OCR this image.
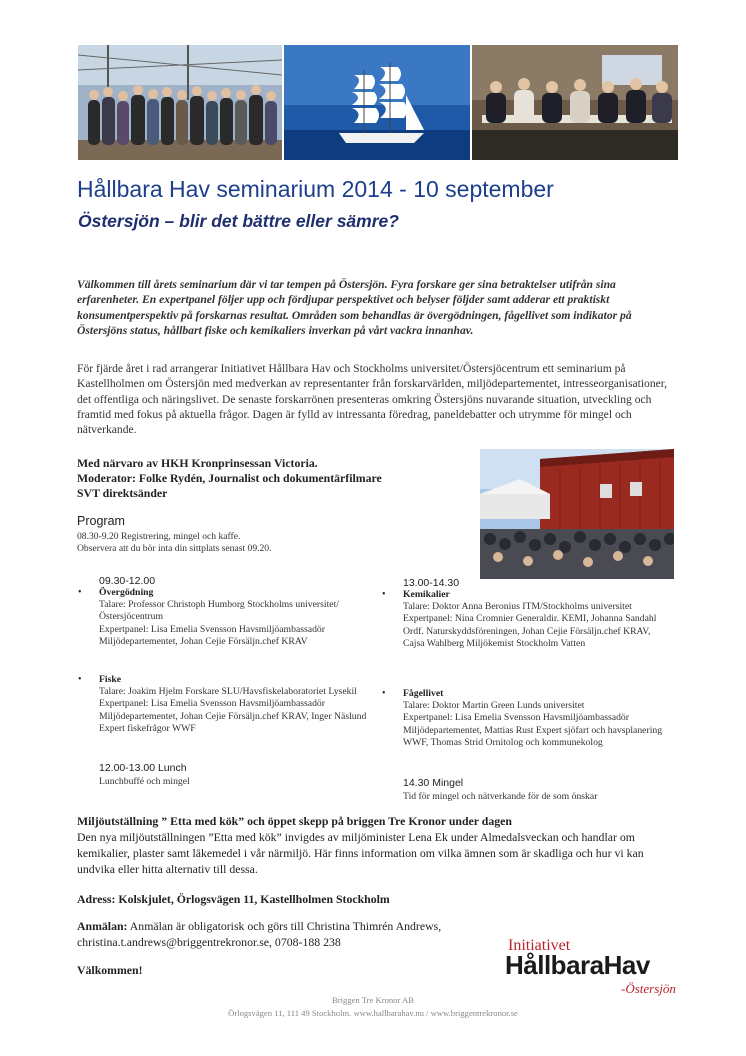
Hållbara Hav seminarium 2014 - 10 september
Östersjön – blir det bättre eller sämre?
Välkommen till årets seminarium där vi tar tempen på Östersjön. Fyra forskare ger sina betraktelser utifrån sina erfarenheter. En expertpanel följer upp och fördjupar perspektivet och belyser följder samt adderar ett praktiskt konsumentperspektiv på forskarnas resultat. Områden som behandlas är övergödningen, fågellivet som indikator på Östersjöns status, hållbart fiske och kemikaliers inverkan på vårt vackra innanhav.
För fjärde året i rad arrangerar Initiativet Hållbara Hav och Stockholms universitet/Östersjöcentrum ett seminarium på Kastellholmen om Östersjön med medverkan av representanter från forskarvärlden, miljödepartementet, intresseorganisationer, det offentliga och näringslivet. De senaste forskarrönen presenteras omkring Östersjöns nuvarande situation, utveckling och framtid med fokus på aktuella frågor. Dagen är fylld av intressanta föredrag, paneldebatter och utrymme för mingel och nätverkande.
Med närvaro av HKH Kronprinsessan Victoria.
Moderator: Folke Rydén, Journalist och dokumentärfilmare
SVT direktsänder
Program
08.30-9.20 Registrering, mingel och kaffe.
Observera att du bör inta din sittplats senast 09.20.
09.30-12.00
• Övergödning
Talare: Professor Christoph Humborg Stockholms universitet/Östersjöcentrum
Expertpanel: Lisa Emelia Svensson Havsmiljöambassadör Miljödepartementet, Johan Cejie Försäljn.chef KRAV
• Fiske
Talare: Joakim Hjelm Forskare SLU/Havsfiskelaboratoriet Lysekil
Expertpanel: Lisa Emelia Svensson Havsmiljöambassadör Miljödepartementet, Johan Cejie Försäljn.chef KRAV, Inger Näslund Expert fiskefrågor WWF
12.00-13.00 Lunch
Lunchbuffé och mingel
13.00-14.30
• Kemikalier
Talare: Doktor Anna Beronius ITM/Stockholms universitet
Expertpanel: Nina Cromnier Generaldir. KEMI, Johanna Sandahl Ordf. Naturskyddsföreningen, Johan Cejie Försäljn.chef KRAV, Cajsa Wahlberg Miljökemist Stockholm Vatten
• Fågellivet
Talare: Doktor Martin Green Lunds universitet
Expertpanel: Lisa Emelia Svensson Havsmiljöambassadör Miljödepartementet, Mattias Rust Expert sjöfart och havsplanering WWF, Thomas Strid Ornitolog och kommunekolog
14.30 Mingel
Tid för mingel och nätverkande för de som önskar
Miljöutställning ” Etta med kök” och öppet skepp på briggen Tre Kronor under dagen
Den nya miljöutställningen ”Etta med kök” invigdes av miljöminister Lena Ek under Almedalsveckan och handlar om kemikalier, plaster samt läkemedel i vår närmiljö. Här finns information om vilka ämnen som är skadliga och hur vi kan undvika eller hitta alternativ till dessa.
Adress: Kolskjulet, Örlogsvägen 11, Kastellholmen Stockholm
Anmälan: Anmälan är obligatorisk och görs till Christina Thimrén Andrews,
christina.t.andrews@briggentrekronor.se, 0708-188 238
Välkommen!
Initiativet
HållbaraHav
-Östersjön
Briggen Tre Kronor AB
Örlogsvägen 11, 111 49 Stockholm. www.hallbarahav.nu / www.briggentrekronor.se
